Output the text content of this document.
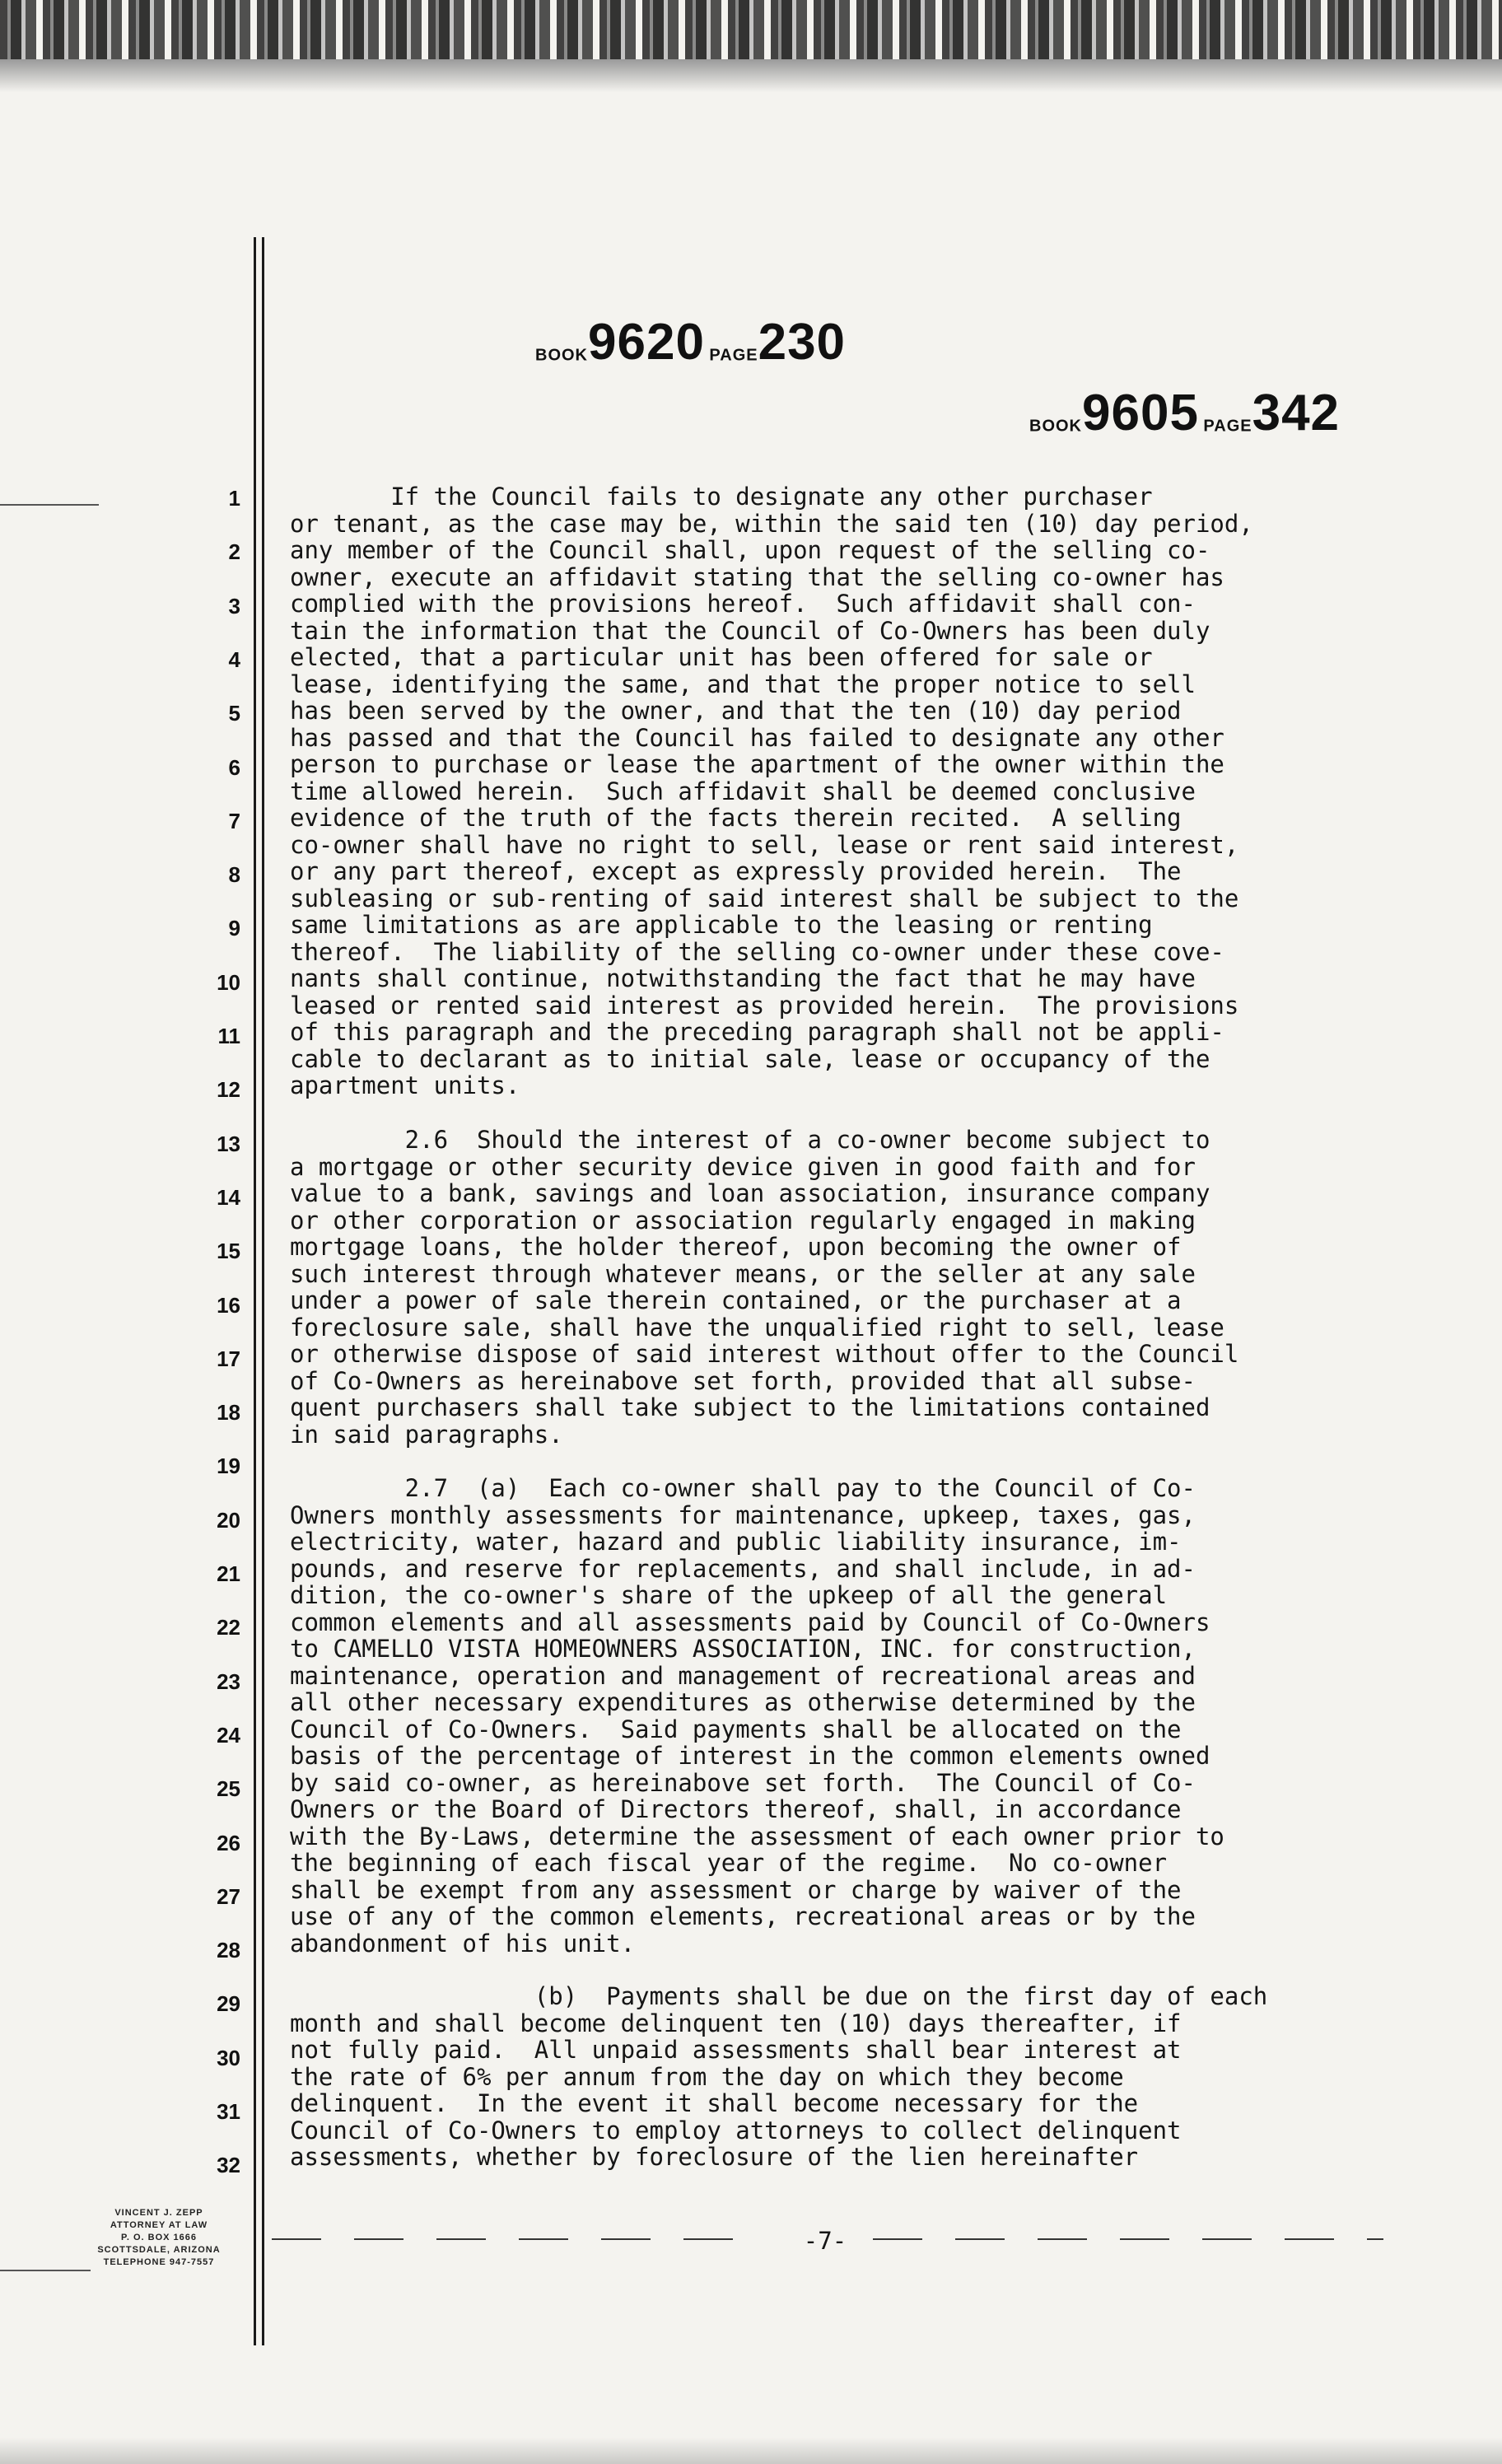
BOOK9620 PAGE230
BOOK9605 PAGE342
1
2
3
4
5
6
7
8
9
10
11
12
13
14
15
16
17
18
19
20
21
22
23
24
25
26
27
28
29
30
31
32
If the Council fails to designate any other purchaser
or tenant, as the case may be, within the said ten (10) day period,
any member of the Council shall, upon request of the selling co-
owner, execute an affidavit stating that the selling co-owner has
complied with the provisions hereof.  Such affidavit shall con-
tain the information that the Council of Co-Owners has been duly
elected, that a particular unit has been offered for sale or
lease, identifying the same, and that the proper notice to sell
has been served by the owner, and that the ten (10) day period
has passed and that the Council has failed to designate any other
person to purchase or lease the apartment of the owner within the
time allowed herein.  Such affidavit shall be deemed conclusive
evidence of the truth of the facts therein recited.  A selling
co-owner shall have no right to sell, lease or rent said interest,
or any part thereof, except as expressly provided herein.  The
subleasing or sub-renting of said interest shall be subject to the
same limitations as are applicable to the leasing or renting
thereof.  The liability of the selling co-owner under these cove-
nants shall continue, notwithstanding the fact that he may have
leased or rented said interest as provided herein.  The provisions
of this paragraph and the preceding paragraph shall not be appli-
cable to declarant as to initial sale, lease or occupancy of the
apartment units.
2.6  Should the interest of a co-owner become subject to
a mortgage or other security device given in good faith and for
value to a bank, savings and loan association, insurance company
or other corporation or association regularly engaged in making
mortgage loans, the holder thereof, upon becoming the owner of
such interest through whatever means, or the seller at any sale
under a power of sale therein contained, or the purchaser at a
foreclosure sale, shall have the unqualified right to sell, lease
or otherwise dispose of said interest without offer to the Council
of Co-Owners as hereinabove set forth, provided that all subse-
quent purchasers shall take subject to the limitations contained
in said paragraphs.
2.7  (a)  Each co-owner shall pay to the Council of Co-
Owners monthly assessments for maintenance, upkeep, taxes, gas,
electricity, water, hazard and public liability insurance, im-
pounds, and reserve for replacements, and shall include, in ad-
dition, the co-owner's share of the upkeep of all the general
common elements and all assessments paid by Council of Co-Owners
to CAMELLO VISTA HOMEOWNERS ASSOCIATION, INC. for construction,
maintenance, operation and management of recreational areas and
all other necessary expenditures as otherwise determined by the
Council of Co-Owners.  Said payments shall be allocated on the
basis of the percentage of interest in the common elements owned
by said co-owner, as hereinabove set forth.  The Council of Co-
Owners or the Board of Directors thereof, shall, in accordance
with the By-Laws, determine the assessment of each owner prior to
the beginning of each fiscal year of the regime.  No co-owner
shall be exempt from any assessment or charge by waiver of the
use of any of the common elements, recreational areas or by the
abandonment of his unit.
(b)  Payments shall be due on the first day of each
month and shall become delinquent ten (10) days thereafter, if
not fully paid.  All unpaid assessments shall bear interest at
the rate of 6% per annum from the day on which they become
delinquent.  In the event it shall become necessary for the
Council of Co-Owners to employ attorneys to collect delinquent
assessments, whether by foreclosure of the lien hereinafter
VINCENT J. ZEPP
ATTORNEY AT LAW
P. O. BOX 1666
SCOTTSDALE, ARIZONA
TELEPHONE 947-7557
-7-
